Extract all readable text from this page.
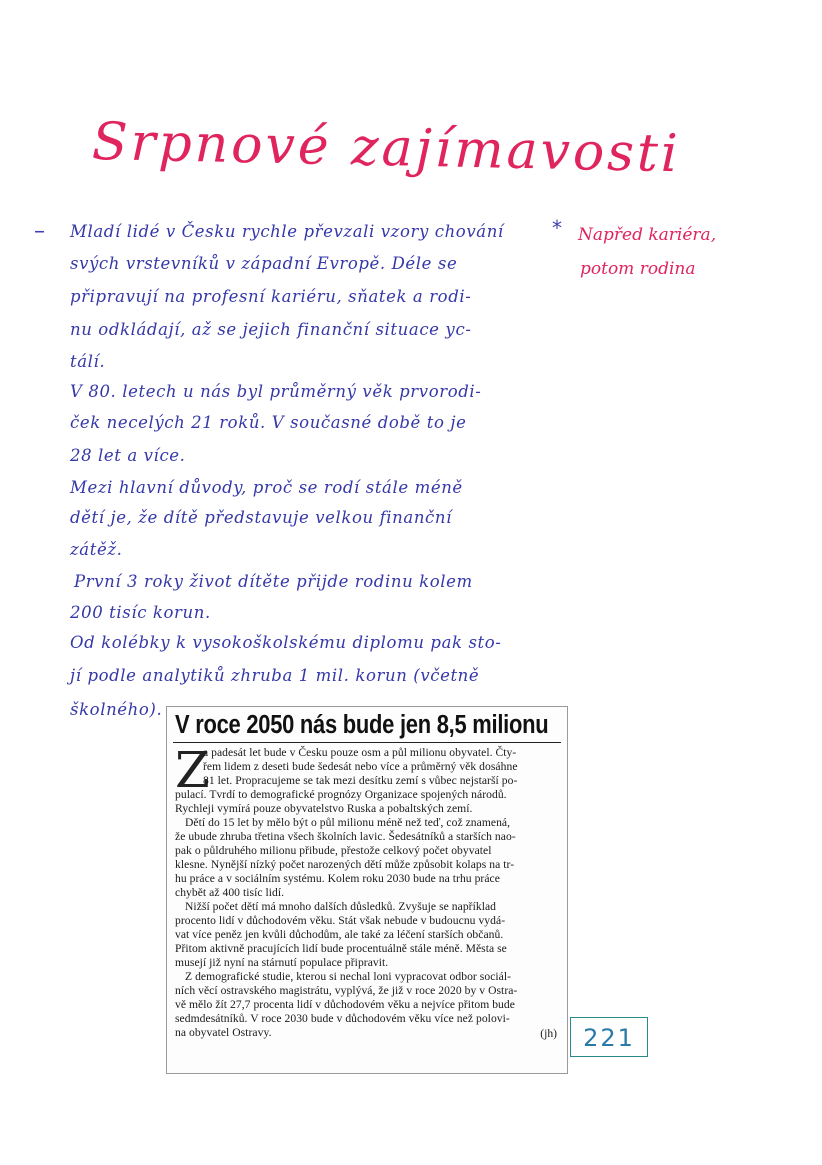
Srpnové zajímavosti
–	*
Mladí lidé v Česku rychle převzali vzory chování
svých vrstevníků v západní Evropě. Déle se
připravují na profesní kariéru, sňatek a rodi-
nu odkládají, až se jejich finanční situace ус-
tálí.
V 80. letech u nás byl průměrný věk prvorodi-
ček necelých 21 roků. V současné době to je
28 let a více.
Mezi hlavní důvody, proč se rodí stále méně
dětí je, že dítě představuje velkou finanční
zátěž.
První 3 roky život dítěte přijde rodinu kolem
200 tisíc korun.
Od kolébky k vysokoškolskému diplomu pak sto-
jí podle analytiků zhruba 1 mil. korun (včetně
školného).
Napřed kariéra,
potom rodina
V roce 2050 nás bude jen 8,5 milionu
Z
a padesát let bude v Česku pouze osm a půl milionu obyvatel. Čty-
řem lidem z deseti bude šedesát nebo více a průměrný věk dosáhne
81 let. Propracujeme se tak mezi desítku zemí s vůbec nejstarší po-
pulací. Tvrdí to demografické prognózy Organizace spojených národů.
Rychleji vymírá pouze obyvatelstvo Ruska a pobaltských zemí.
Dětí do 15 let by mělo být o půl milionu méně než teď, což znamená,
že ubude zhruba třetina všech školních lavic. Šedesátníků a starších nao-
pak o půldruhého milionu přibude, přestože celkový počet obyvatel
klesne. Nynější nízký počet narozených dětí může způsobit kolaps na tr-
hu práce a v sociálním systému. Kolem roku 2030 bude na trhu práce
chybět až 400 tisíc lidí.
Nižší počet dětí má mnoho dalších důsledků. Zvyšuje se například
procento lidí v důchodovém věku. Stát však nebude v budoucnu vydá-
vat více peněz jen kvůli důchodům, ale také za léčení starších občanů.
Přitom aktivně pracujících lidí bude procentuálně stále méně. Města se
musejí již nyní na stárnutí populace připravit.
Z demografické studie, kterou si nechal loni vypracovat odbor sociál-
ních věcí ostravského magistrátu, vyplývá, že již v roce 2020 by v Ostra-
vě mělo žít 27,7 procenta lidí v důchodovém věku a nejvíce přitom bude
sedmdesátníků. V roce 2030 bude v důchodovém věku více než polovi-
na obyvatel Ostravy.	(jh)	221
